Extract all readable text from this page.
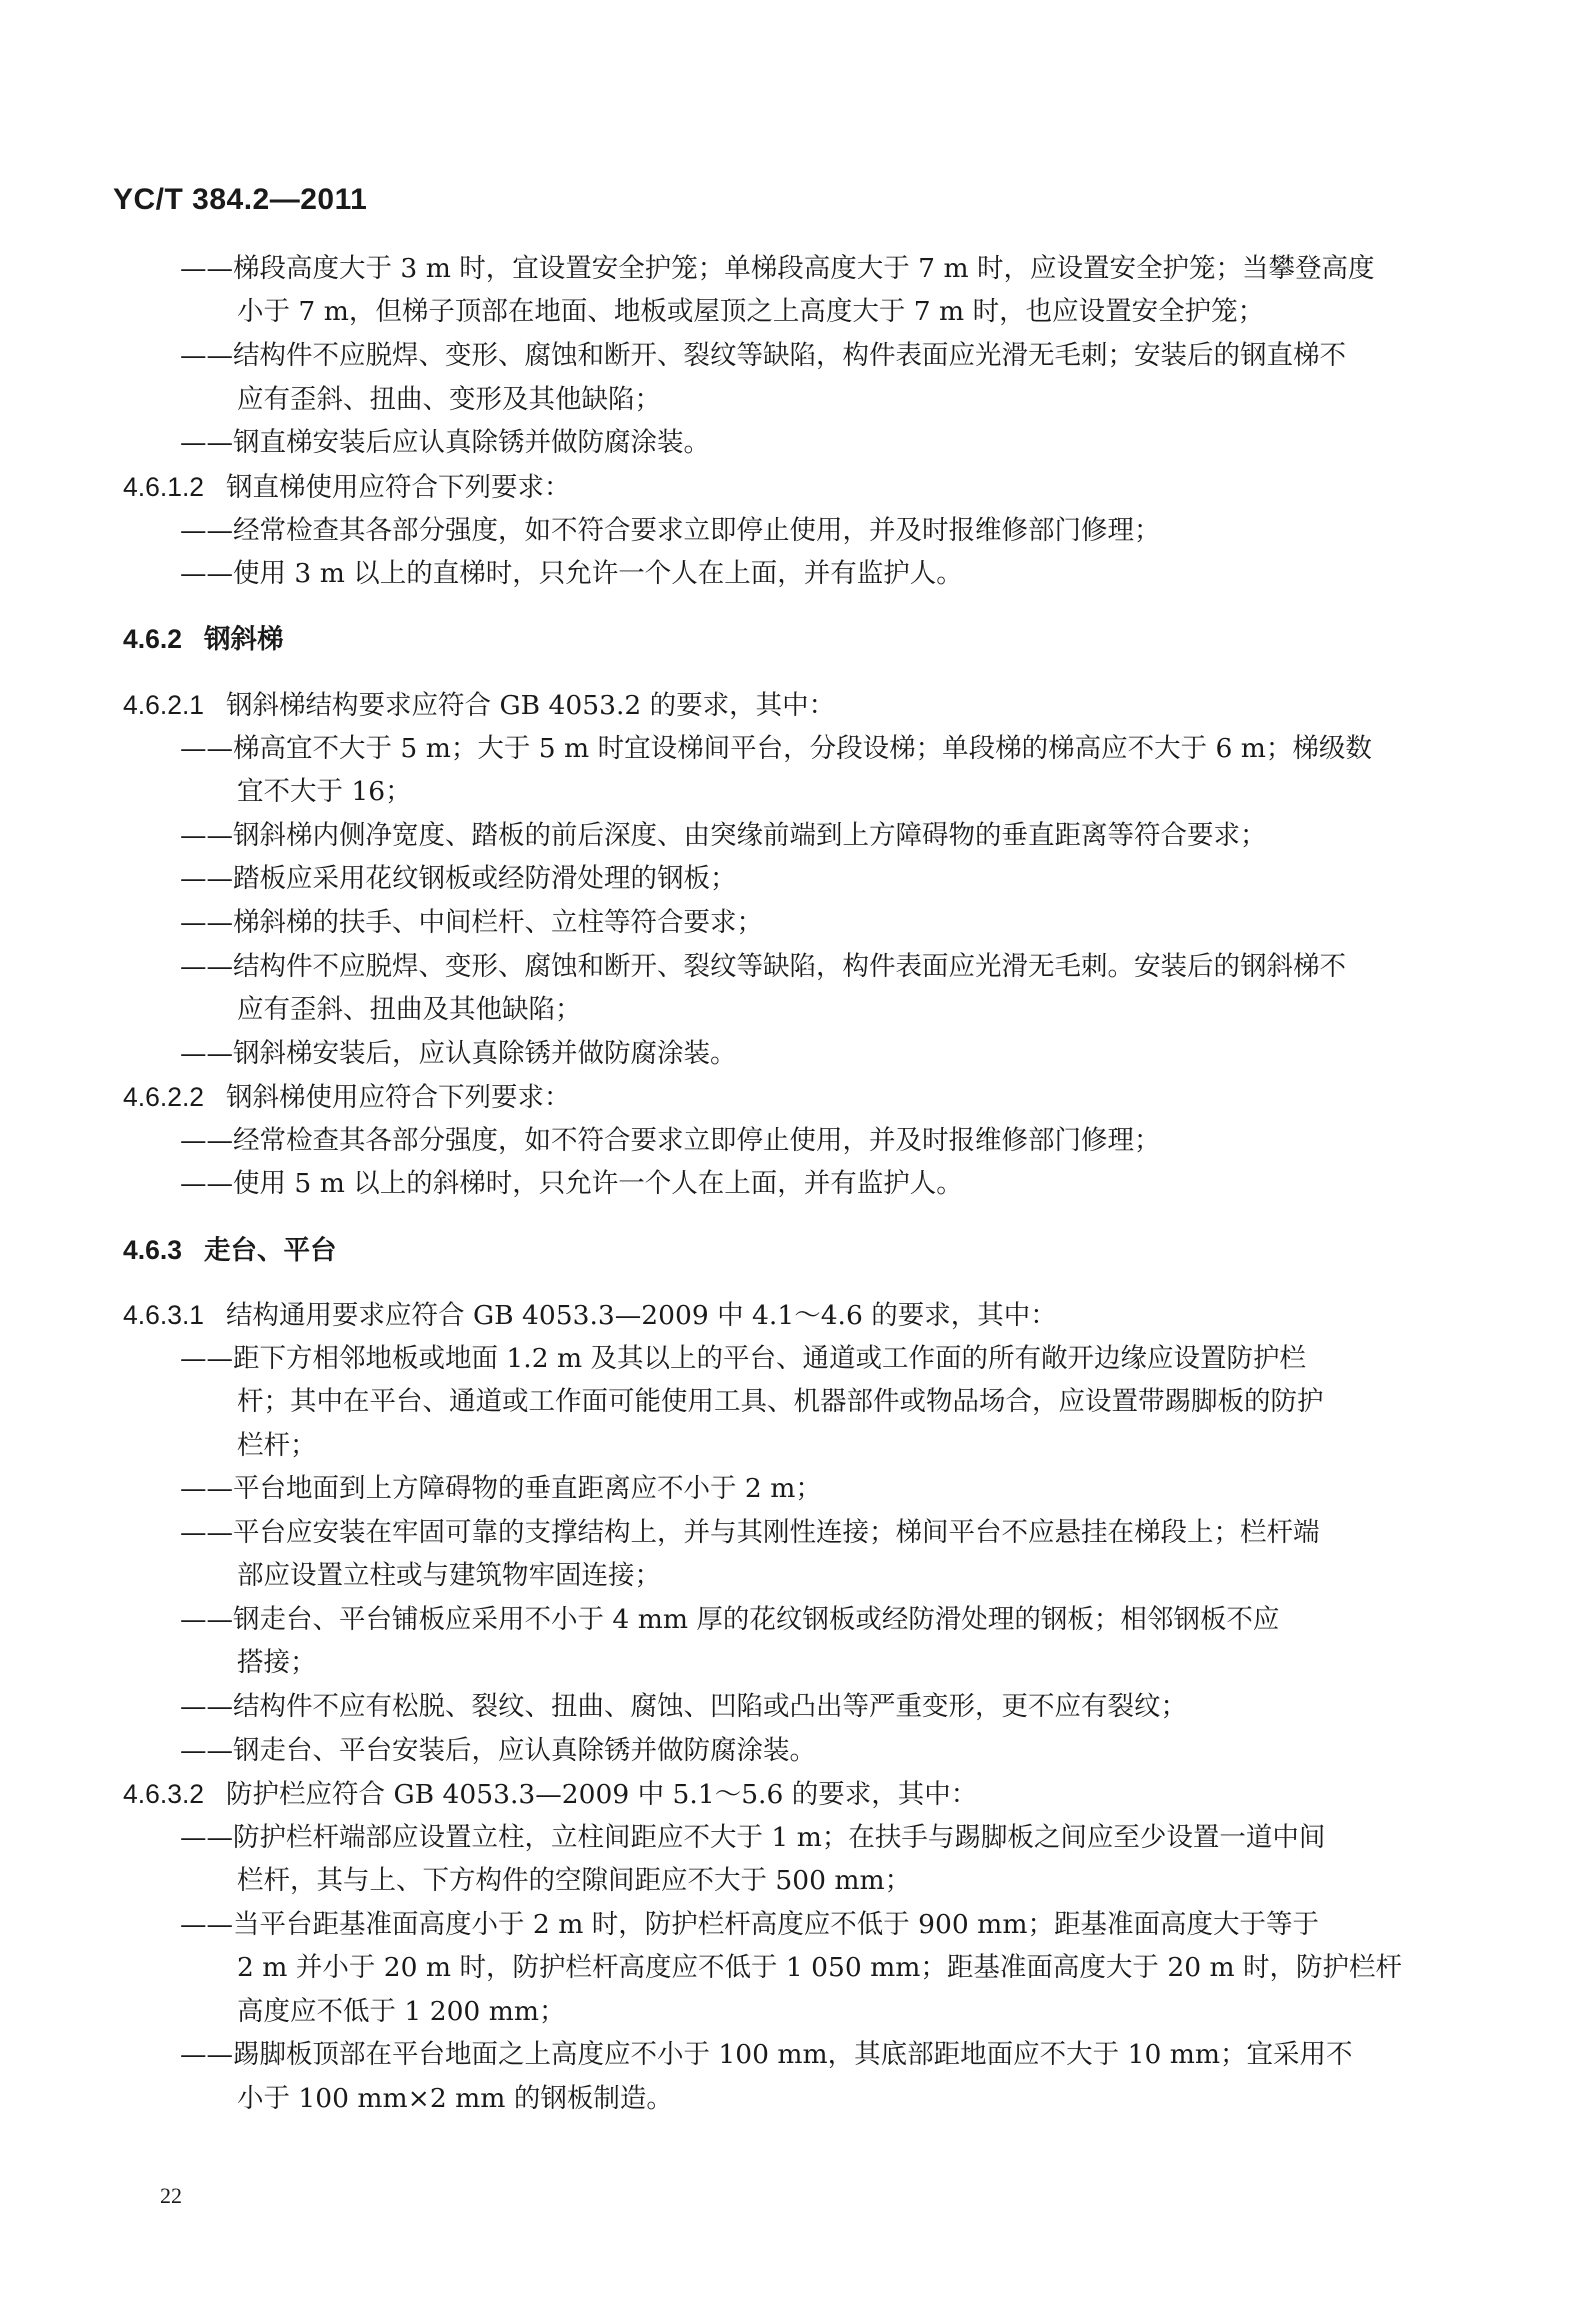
YC/T 384.2—2011
——梯段高度大于 3 m 时，宜设置安全护笼；单梯段高度大于 7 m 时，应设置安全护笼；当攀登高度
小于 7 m，但梯子顶部在地面、地板或屋顶之上高度大于 7 m 时，也应设置安全护笼；
——结构件不应脱焊、变形、腐蚀和断开、裂纹等缺陷，构件表面应光滑无毛刺；安装后的钢直梯不
应有歪斜、扭曲、变形及其他缺陷；
——钢直梯安装后应认真除锈并做防腐涂装。
4.6.1.2 钢直梯使用应符合下列要求：
——经常检查其各部分强度，如不符合要求立即停止使用，并及时报维修部门修理；
——使用 3 m 以上的直梯时，只允许一个人在上面，并有监护人。
4.6.2 钢斜梯
4.6.2.1 钢斜梯结构要求应符合 GB 4053.2 的要求，其中：
——梯高宜不大于 5 m；大于 5 m 时宜设梯间平台，分段设梯；单段梯的梯高应不大于 6 m；梯级数
宜不大于 16；
——钢斜梯内侧净宽度、踏板的前后深度、由突缘前端到上方障碍物的垂直距离等符合要求；
——踏板应采用花纹钢板或经防滑处理的钢板；
——梯斜梯的扶手、中间栏杆、立柱等符合要求；
——结构件不应脱焊、变形、腐蚀和断开、裂纹等缺陷，构件表面应光滑无毛刺。安装后的钢斜梯不
应有歪斜、扭曲及其他缺陷；
——钢斜梯安装后，应认真除锈并做防腐涂装。
4.6.2.2 钢斜梯使用应符合下列要求：
——经常检查其各部分强度，如不符合要求立即停止使用，并及时报维修部门修理；
——使用 5 m 以上的斜梯时，只允许一个人在上面，并有监护人。
4.6.3 走台、平台
4.6.3.1 结构通用要求应符合 GB 4053.3—2009 中 4.1～4.6 的要求，其中：
——距下方相邻地板或地面 1.2 m 及其以上的平台、通道或工作面的所有敞开边缘应设置防护栏
杆；其中在平台、通道或工作面可能使用工具、机器部件或物品场合，应设置带踢脚板的防护
栏杆；
——平台地面到上方障碍物的垂直距离应不小于 2 m；
——平台应安装在牢固可靠的支撑结构上，并与其刚性连接；梯间平台不应悬挂在梯段上；栏杆端
部应设置立柱或与建筑物牢固连接；
——钢走台、平台铺板应采用不小于 4 mm 厚的花纹钢板或经防滑处理的钢板；相邻钢板不应
搭接；
——结构件不应有松脱、裂纹、扭曲、腐蚀、凹陷或凸出等严重变形，更不应有裂纹；
——钢走台、平台安装后，应认真除锈并做防腐涂装。
4.6.3.2 防护栏应符合 GB 4053.3—2009 中 5.1～5.6 的要求，其中：
——防护栏杆端部应设置立柱，立柱间距应不大于 1 m；在扶手与踢脚板之间应至少设置一道中间
栏杆，其与上、下方构件的空隙间距应不大于 500 mm；
——当平台距基准面高度小于 2 m 时，防护栏杆高度应不低于 900 mm；距基准面高度大于等于
2 m 并小于 20 m 时，防护栏杆高度应不低于 1 050 mm；距基准面高度大于 20 m 时，防护栏杆
高度应不低于 1 200 mm；
——踢脚板顶部在平台地面之上高度应不小于 100 mm，其底部距地面应不大于 10 mm；宜采用不
小于 100 mm×2 mm 的钢板制造。
22
